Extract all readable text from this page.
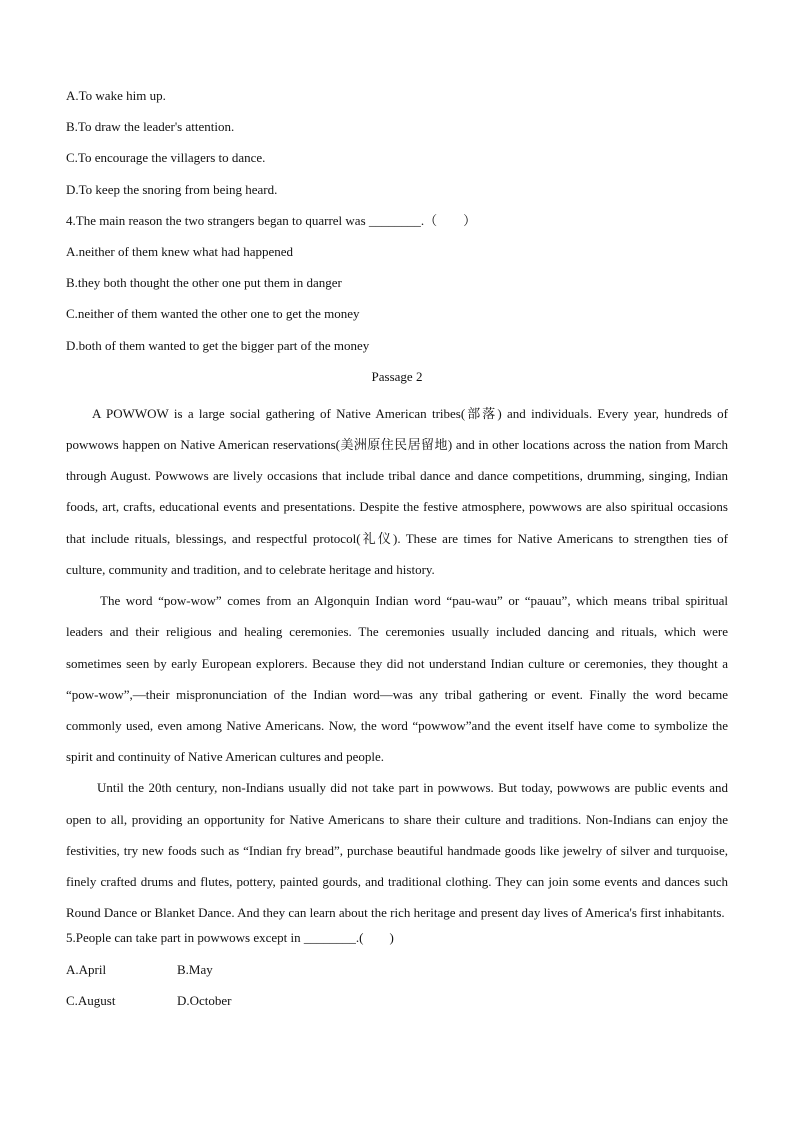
A.To wake him up.
B.To draw the leader's attention.
C.To encourage the villagers to dance.
D.To keep the snoring from being heard.
4.The main reason the two strangers began to quarrel was ________.（　　）
A.neither of them knew what had happened
B.they both thought the other one put them in danger
C.neither of them wanted the other one to get the money
D.both of them wanted to get the bigger part of the money
Passage 2

A POWWOW is a large social gathering of Native American tribes(部落) and individuals. Every year, hundreds of powwows happen on Native American reservations(美洲原住民居留地) and in other locations across the nation from March through August. Powwows are lively occasions that include tribal dance and dance competitions, drumming, singing, Indian foods, art, crafts, educational events and presentations. Despite the festive atmosphere, powwows are also spiritual occasions that include rituals, blessings, and respectful protocol(礼仪). These are times for Native Americans to strengthen ties of culture, community and tradition, and to celebrate heritage and history.

The word “pow-wow” comes from an Algonquin Indian word “pau-wau” or “pauau”, which means tribal spiritual leaders and their religious and healing ceremonies. The ceremonies usually included dancing and rituals, which were sometimes seen by early European explorers. Because they did not understand Indian culture or ceremonies, they thought a “pow-wow”,—their mispronunciation of the Indian word—was any tribal gathering or event. Finally the word became commonly used, even among Native Americans. Now, the word “powwow”and the event itself have come to symbolize the spirit and continuity of Native American cultures and people.

Until the 20th century, non-Indians usually did not take part in powwows. But today, powwows are public events and open to all, providing an opportunity for Native Americans to share their culture and traditions. Non-Indians can enjoy the festivities, try new foods such as “Indian fry bread”, purchase beautiful handmade goods like jewelry of silver and turquoise, finely crafted drums and flutes, pottery, painted gourds, and traditional clothing. They can join some events and dances such Round Dance or Blanket Dance. And they can learn about the rich heritage and present day lives of America's first inhabitants.

5.People can take part in powwows except in ________.(　　)
A.April	B.May
C.August	D.October
